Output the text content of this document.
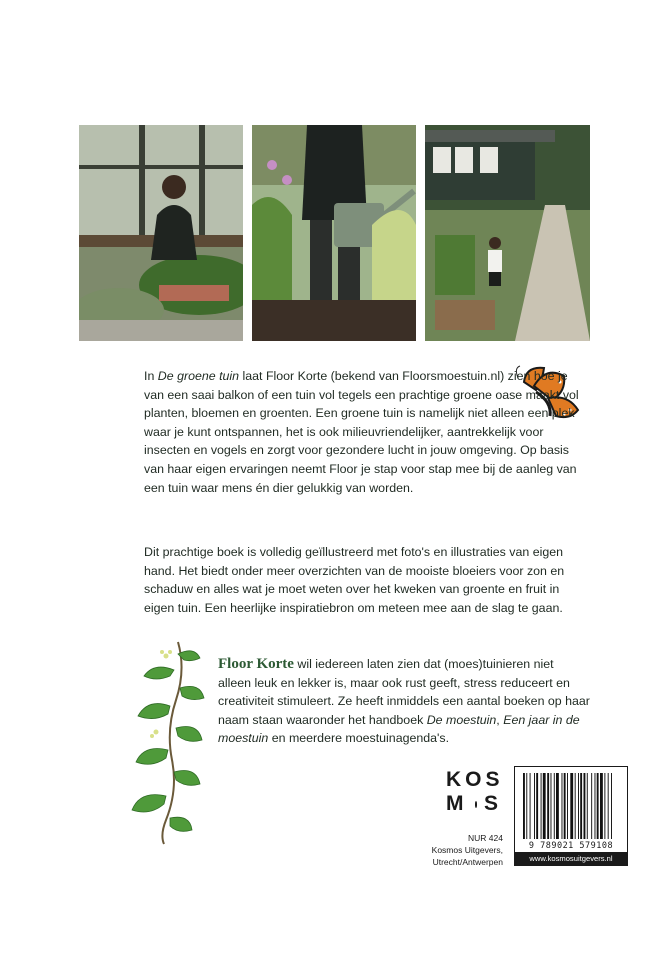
In De groene tuin laat Floor Korte (bekend van Floorsmoestuin.nl) zien hoe je van een saai balkon of een tuin vol tegels een prachtige groene oase maakt vol planten, bloemen en groenten. Een groene tuin is namelijk niet alleen een plek waar je kunt ontspannen, het is ook milieuvriendelijker, aantrekkelijk voor insecten en vogels en zorgt voor gezondere lucht in jouw omgeving. Op basis van haar eigen ervaringen neemt Floor je stap voor stap mee bij de aanleg van een tuin waar mens én dier gelukkig van worden.

Dit prachtige boek is volledig geïllustreerd met foto's en illustraties van eigen hand. Het biedt onder meer overzichten van de mooiste bloeiers voor zon en schaduw en alles wat je moet weten over het kweken van groente en fruit in eigen tuin. Een heerlijke inspiratiebron om meteen mee aan de slag te gaan.

Floor Korte wil iedereen laten zien dat (moes)tuinieren niet alleen leuk en lekker is, maar ook rust geeft, stress reduceert en creativiteit stimuleert. Ze heeft inmiddels een aantal boeken op haar naam staan waaronder het handboek De moestuin, Een jaar in de moestuin en meerdere moestuinagenda's.

KOS
M S
NUR 424
Kosmos Uitgevers,
Utrecht/Antwerpen
9 789021 579108
www.kosmosuitgevers.nl
